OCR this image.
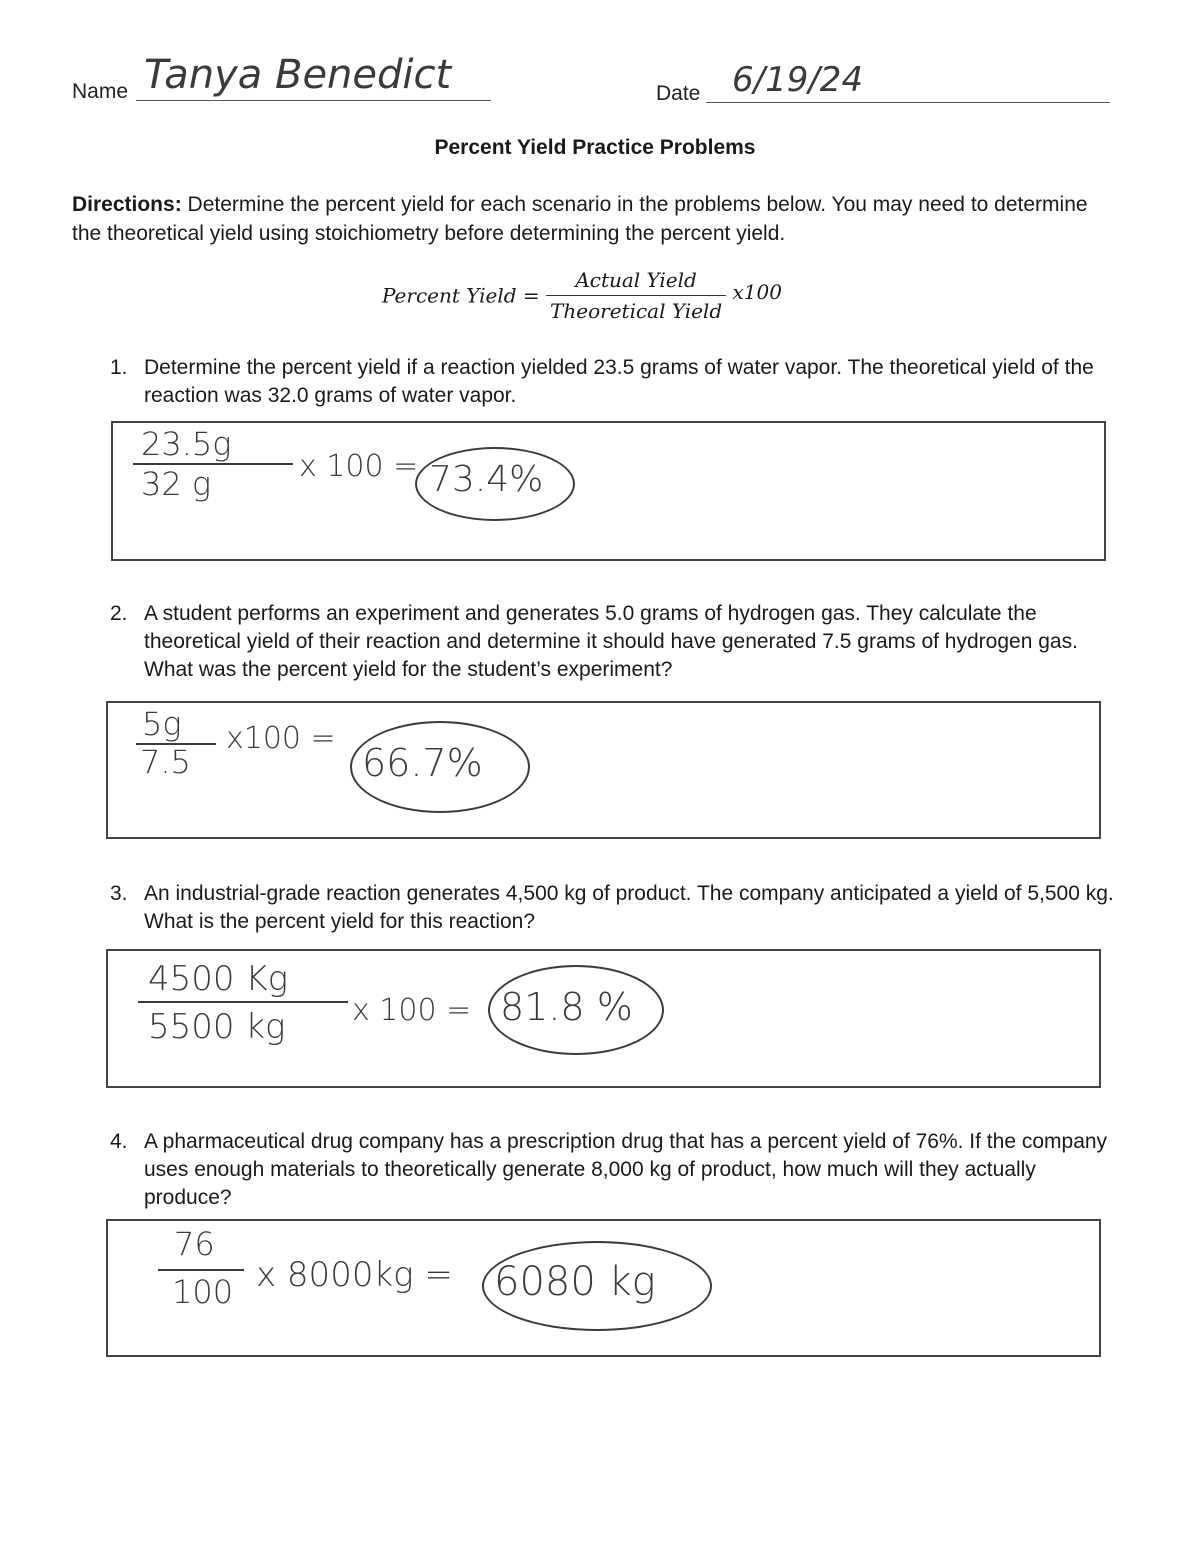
Name Tanya Benedict	Date 6/19/24
Percent Yield Practice Problems
Directions: Determine the percent yield for each scenario in the problems below. You may need to determine the theoretical yield using stoichiometry before determining the percent yield.
Percent Yield = $\frac{\text{Actual Yield}}{\text{Theoretical Yield}} x100$
1. Determine the percent yield if a reaction yielded 23.5 grams of water vapor. The theoretical yield of the reaction was 32.0 grams of water vapor.
23.5g
32 g	x 100 = 73.4%
2. A student performs an experiment and generates 5.0 grams of hydrogen gas. They calculate the theoretical yield of their reaction and determine it should have generated 7.5 grams of hydrogen gas. What was the percent yield for the student’s experiment?
5g
7.5
x100 =
66.7%
3. An industrial-grade reaction generates 4,500 kg of product. The company anticipated a yield of 5,500 kg. What is the percent yield for this reaction?
4500 Kg
5500 kg x 100 = 81.8 %
4. A pharmaceutical drug company has a prescription drug that has a percent yield of 76%. If the company uses enough materials to theoretically generate 8,000 kg of product, how much will they actually produce?
76
100 x 8000kg = 6080 kg
